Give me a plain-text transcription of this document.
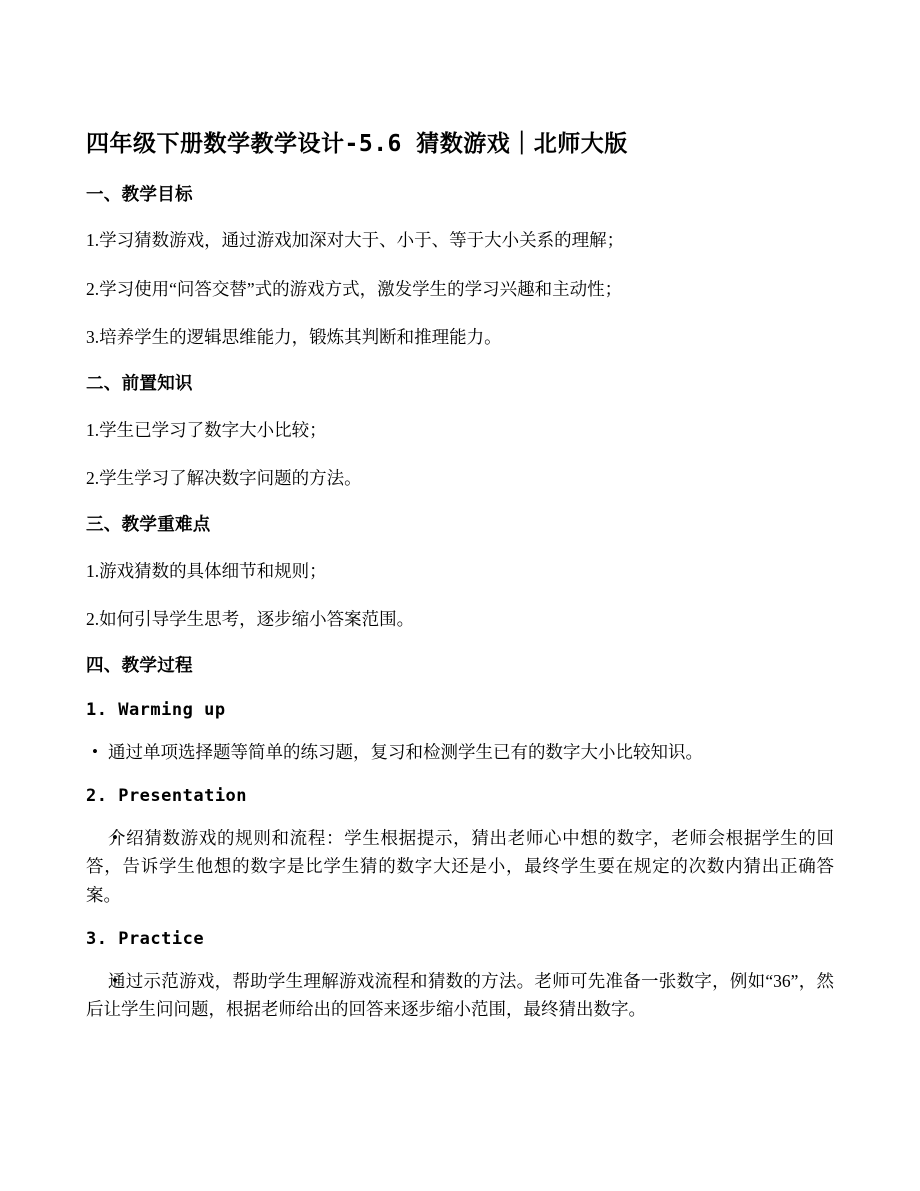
四年级下册数学教学设计-5.6 猜数游戏｜北师大版
一、教学目标

1.学习猜数游戏，通过游戏加深对大于、小于、等于大小关系的理解；

2.学习使用“问答交替”式的游戏方式，激发学生的学习兴趣和主动性；

3.培养学生的逻辑思维能力，锻炼其判断和推理能力。

二、前置知识

1.学生已学习了数字大小比较；

2.学生学习了解决数字问题的方法。

三、教学重难点

1.游戏猜数的具体细节和规则；

2.如何引导学生思考，逐步缩小答案范围。

四、教学过程
1. Warming up

• 通过单项选择题等简单的练习题，复习和检测学生已有的数字大小比较知识。

2. Presentation

• 介绍猜数游戏的规则和流程：学生根据提示，猜出老师心中想的数字，老师会根据学生的回答，告诉学生他想的数字是比学生猜的数字大还是小，最终学生要在规定的次数内猜出正确答案。

3. Practice

• 通过示范游戏，帮助学生理解游戏流程和猜数的方法。老师可先准备一张数字，例如“36”，然后让学生问问题，根据老师给出的回答来逐步缩小范围，最终猜出数字。
